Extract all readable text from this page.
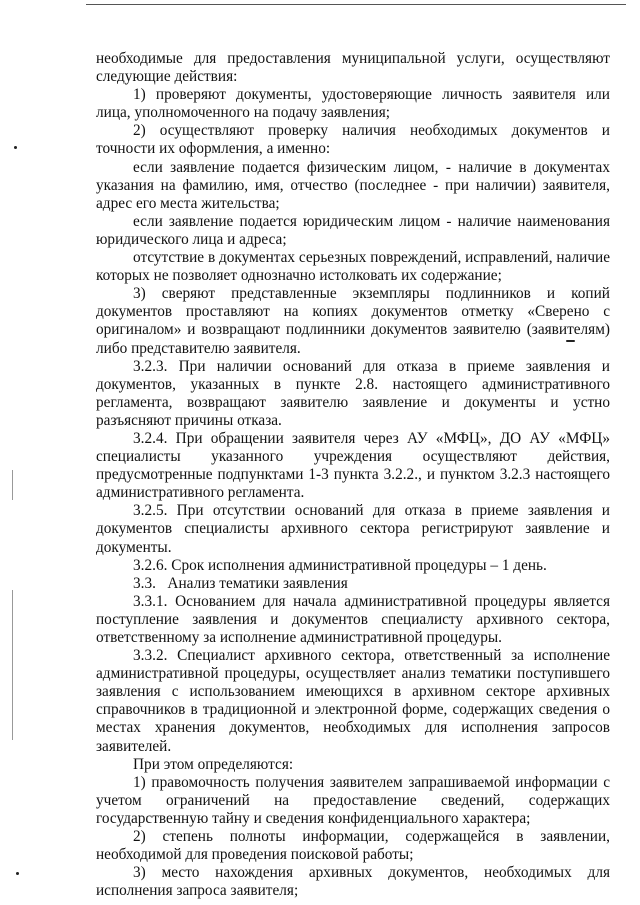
необходимые для предоставления муниципальной услуги, осуществляют следующие действия:

1) проверяют документы, удостоверяющие личность заявителя или лица, уполномоченного на подачу заявления;

2) осуществляют проверку наличия необходимых документов и точности их оформления, а именно:

если заявление подается физическим лицом, - наличие в документах указания на фамилию, имя, отчество (последнее - при наличии) заявителя, адрес его места жительства;

если заявление подается юридическим лицом - наличие наименования юридического лица и адреса;

отсутствие в документах серьезных повреждений, исправлений, наличие которых не позволяет однозначно истолковать их содержание;

3) сверяют представленные экземпляры подлинников и копий документов проставляют на копиях документов отметку «Сверено с оригиналом» и возвращают подлинники документов заявителю (заявителям) либо представителю заявителя.

3.2.3. При наличии оснований для отказа в приеме заявления и документов, указанных в пункте 2.8. настоящего административного регламента, возвращают заявителю заявление и документы и устно разъясняют причины отказа.

3.2.4. При обращении заявителя через АУ «МФЦ», ДО АУ «МФЦ» специалисты указанного учреждения осуществляют действия, предусмотренные подпунктами 1-3 пункта 3.2.2., и пунктом 3.2.3 настоящего административного регламента.

3.2.5. При отсутствии оснований для отказа в приеме заявления и документов специалисты архивного сектора регистрируют заявление и документы.

3.2.6. Срок исполнения административной процедуры – 1 день.

3.3.   Анализ тематики заявления

3.3.1. Основанием для начала административной процедуры является поступление заявления и документов специалисту архивного сектора, ответственному за исполнение административной процедуры.

3.3.2. Специалист архивного сектора, ответственный за исполнение административной процедуры, осуществляет анализ тематики поступившего заявления с использованием имеющихся в архивном секторе архивных справочников в традиционной и электронной форме, содержащих сведения о местах хранения документов, необходимых для исполнения запросов заявителей.

При этом определяются:

1) правомочность получения заявителем запрашиваемой информации с учетом ограничений на предоставление сведений, содержащих государственную тайну и сведения конфиденциального характера;

2) степень полноты информации, содержащейся в заявлении, необходимой для проведения поисковой работы;

3) место нахождения архивных документов, необходимых для исполнения запроса заявителя;
